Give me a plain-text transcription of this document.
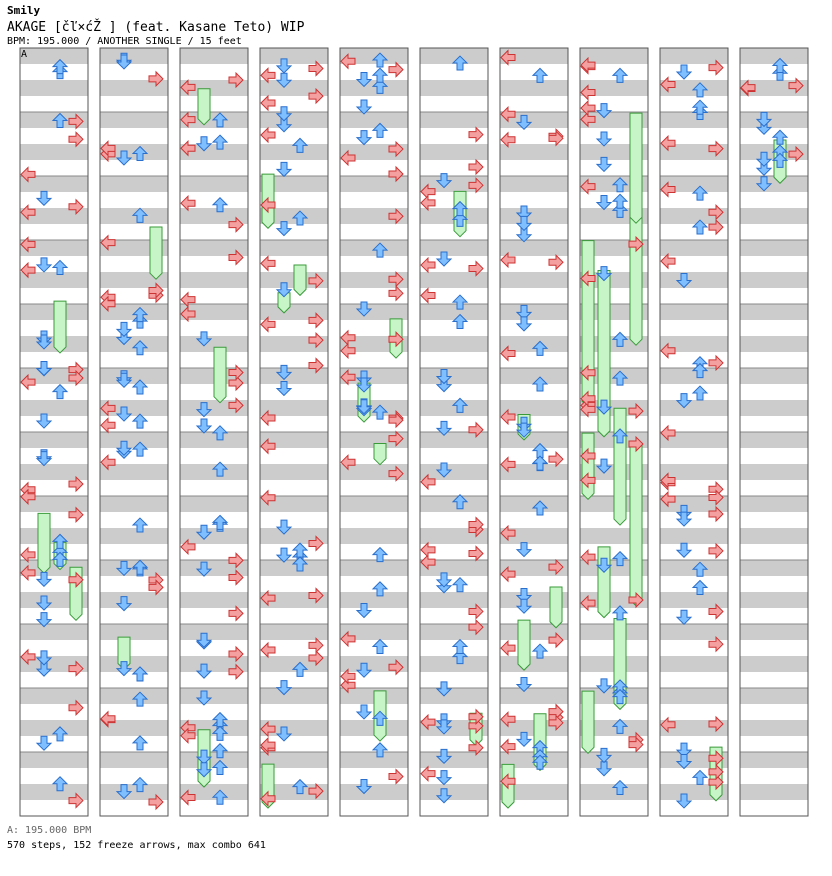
Smily
AKAGE [čľ×ćŽ ] (feat. Kasane Teto) WIP
BPM: 195.000 / ANOTHER SINGLE / 15 feet
A
A: 195.000 BPM
570 steps, 152 freeze arrows, max combo 641
